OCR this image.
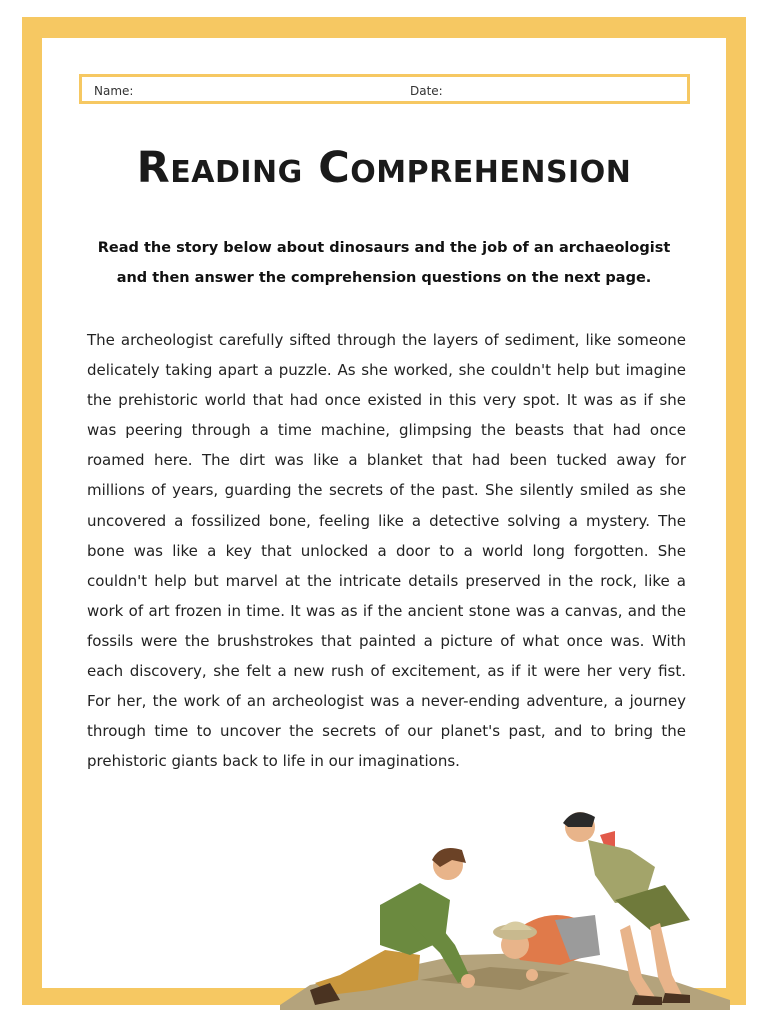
Name:	Date:
Reading Comprehension
Read the story below about dinosaurs and the job of an archaeologist and then answer the comprehension questions on the next page.
The archeologist carefully sifted through the layers of sediment, like someone delicately taking apart a puzzle. As she worked, she couldn't help but imagine the prehistoric world that had once existed in this very spot. It was as if she was peering through a time machine, glimpsing the beasts that had once roamed here. The dirt was like a blanket that had been tucked away for millions of years, guarding the secrets of the past. She silently smiled as she uncovered a fossilized bone, feeling like a detective solving a mystery. The bone was like a key that unlocked a door to a world long forgotten. She couldn't help but marvel at the intricate details preserved in the rock, like a work of art frozen in time. It was as if the ancient stone was a canvas, and the fossils were the brushstrokes that painted a picture of what once was. With each discovery, she felt a new rush of excitement, as if it were her very fist. For her, the work of an archeologist was a never-ending adventure, a journey through time to uncover the secrets of our planet's past, and to bring the prehistoric giants back to life in our imaginations.
